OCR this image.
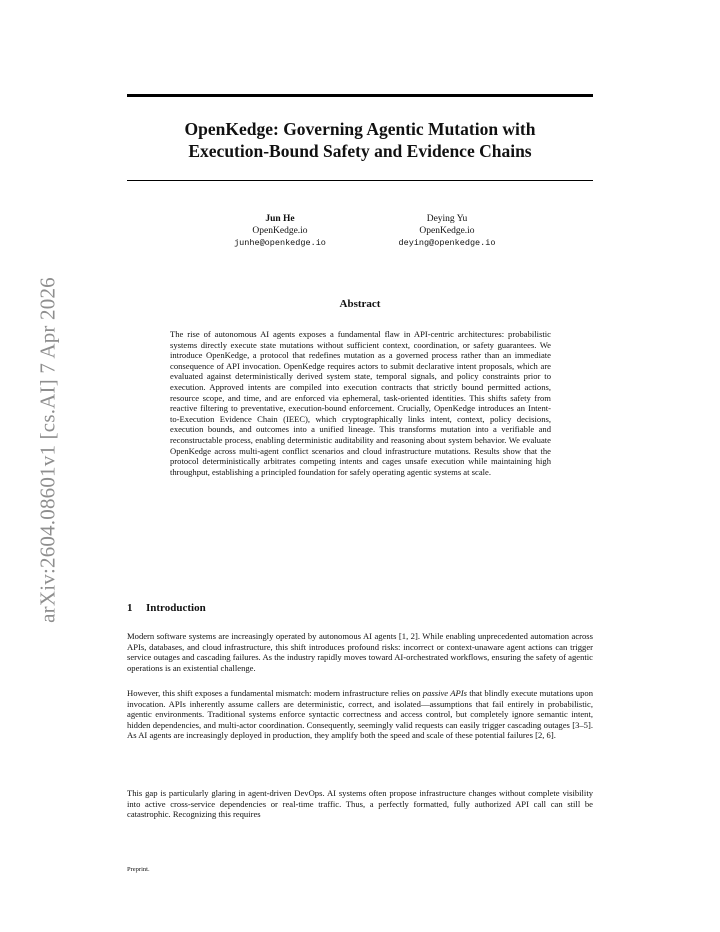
arXiv:2604.08601v1 [cs.AI] 7 Apr 2026
OpenKedge: Governing Agentic Mutation with
Execution-Bound Safety and Evidence Chains
Jun He
OpenKedge.io
junhe@openkedge.io
Deying Yu
OpenKedge.io
deying@openkedge.io
Abstract
The rise of autonomous AI agents exposes a fundamental flaw in API-centric architectures: probabilistic systems directly execute state mutations without sufficient context, coordination, or safety guarantees. We introduce OpenKedge, a protocol that redefines mutation as a governed process rather than an immediate consequence of API invocation. OpenKedge requires actors to submit declarative intent proposals, which are evaluated against deterministically derived system state, temporal signals, and policy constraints prior to execution. Approved intents are compiled into execution contracts that strictly bound permitted actions, resource scope, and time, and are enforced via ephemeral, task-oriented identities. This shifts safety from reactive filtering to preventative, execution-bound enforcement. Crucially, OpenKedge introduces an Intent-to-Execution Evidence Chain (IEEC), which cryptographically links intent, context, policy decisions, execution bounds, and outcomes into a unified lineage. This transforms mutation into a verifiable and reconstructable process, enabling deterministic auditability and reasoning about system behavior. We evaluate OpenKedge across multi-agent conflict scenarios and cloud infrastructure mutations. Results show that the protocol deterministically arbitrates competing intents and cages unsafe execution while maintaining high throughput, establishing a principled foundation for safely operating agentic systems at scale.
1 Introduction

Modern software systems are increasingly operated by autonomous AI agents [1, 2]. While enabling unprecedented automation across APIs, databases, and cloud infrastructure, this shift introduces profound risks: incorrect or context-unaware agent actions can trigger service outages and cascading failures. As the industry rapidly moves toward AI-orchestrated workflows, ensuring the safety of agentic operations is an existential challenge.

However, this shift exposes a fundamental mismatch: modern infrastructure relies on passive APIs that blindly execute mutations upon invocation. APIs inherently assume callers are deterministic, correct, and isolated—assumptions that fail entirely in probabilistic, agentic environments. Traditional systems enforce syntactic correctness and access control, but completely ignore semantic intent, hidden dependencies, and multi-actor coordination. Consequently, seemingly valid requests can easily trigger cascading outages [3–5]. As AI agents are increasingly deployed in production, they amplify both the speed and scale of these potential failures [2, 6].

This gap is particularly glaring in agent-driven DevOps. AI systems often propose infrastructure changes without complete visibility into active cross-service dependencies or real-time traffic. Thus, a perfectly formatted, fully authorized API call can still be catastrophic. Recognizing this requires

Preprint.
